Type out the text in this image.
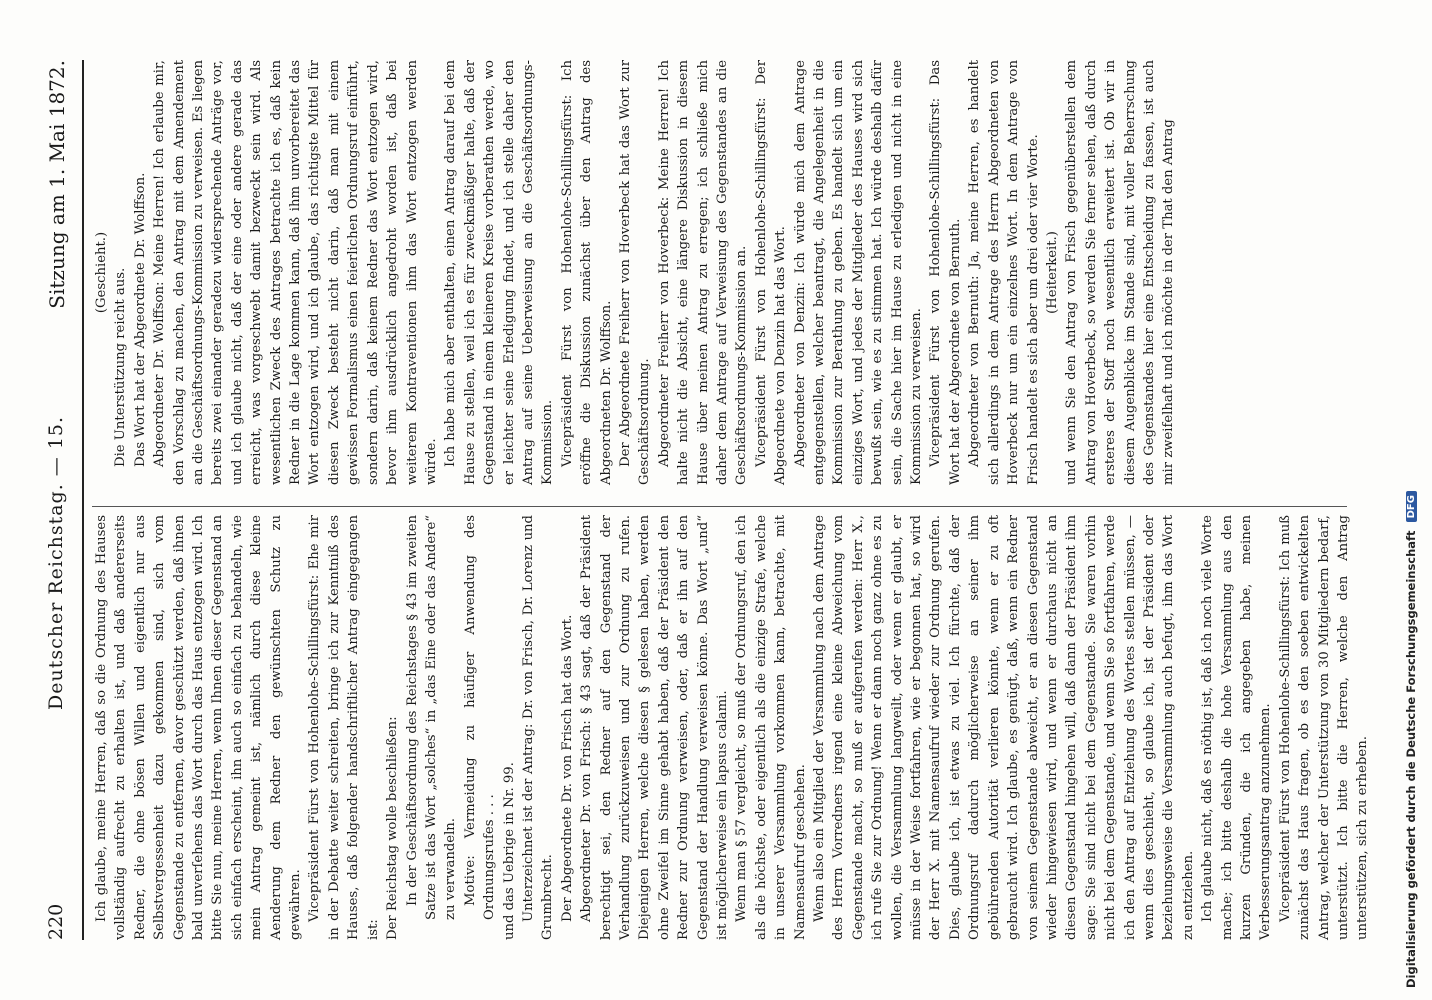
220
Deutscher Reichstag. — 15.
Sitzung am 1. Mai 1872.

Ich glaube, meine Herren, daß so die Ordnung des Hauses vollständig aufrecht zu erhalten ist, und daß andererseits Redner, die ohne bösen Willen und eigentlich nur aus Selbstvergessenheit dazu gekommen sind, sich vom Gegenstande zu entfernen, davor geschützt werden, daß ihnen bald unverſehens das Wort durch das Haus entzogen wird. Ich bitte Sie nun, meine Herren, wenn Ihnen dieser Gegenstand an sich einfach erscheint, ihn auch so einfach zu behandeln, wie mein Antrag gemeint ist, nämlich durch diese kleine Aenderung dem Redner den gewünschten Schutz zu gewähren. Vicepräsident Fürst von Hohenlohe-Schillingsfürst: Ehe mir in der Debatte weiter schreiten, bringe ich zur Kenntniß des Hauses, daß folgender handschriftlicher Antrag eingegangen ist: Der Reichstag wolle beschließen: In der Geschäftsordnung des Reichstages § 43 im zweiten Satze ist das Wort „solches“ in „das Eine oder das Andere“ zu verwandeln. Motive: Vermeidung zu häufiger Anwendung des Ordnungsrufes . . . und das Uebrige in Nr. 99. Unterzeichnet ist der Antrag: Dr. von Frisch, Dr. Lorenz und Grumbrecht. Der Abgeordnete Dr. von Frisch hat das Wort. Abgeordneter Dr. von Frisch: § 43 sagt, daß der Präsident berechtigt sei, den Redner auf den Gegenstand der Verhandlung zurückzuweisen und zur Ordnung zu rufen. Diejenigen Herren, welche diesen § gelesen haben, werden ohne Zweifel im Sinne gehabt haben, daß der Präsident den Redner zur Ordnung verweisen, oder, daß er ihn auf den Gegenstand der Handlung verweisen könne. Das Wort „und“ ist möglicherweise ein lapsus calami. Wenn man § 57 vergleicht, so muß der Ordnungsruf, den ich als die höchste, oder eigentlich als die einzige Strafe, welche in unserer Versammlung vorkommen kann, betrachte, mit Namensaufruf geschehen. Wenn also ein Mitglied der Versammlung nach dem Antrage des Herrn Vorredners irgend eine kleine Abweichung vom Gegenstande macht, so muß er aufgerufen werden: Herr X., ich rufe Sie zur Ordnung! Wenn er dann noch ganz ohne es zu wollen, die Versammlung langweilt, oder wenn er glaubt, er müsse in der Weise fortfahren, wie er begonnen hat, so wird der Herr X. mit Namensaufruf wieder zur Ordnung gerufen. Dies, glaube ich, ist etwas zu viel. Ich fürchte, daß der Ordnungsruf dadurch möglicherweise an seiner ihm gebührenden Autorität verlieren könnte, wenn er zu oft gebraucht wird. Ich glaube, es genügt, daß, wenn ein Redner von seinem Gegenstande abweicht, er an diesen Gegenstand wieder hingewiesen wird, und wenn er durchaus nicht an diesen Gegenstand hingehen will, daß dann der Präsident ihm sage: Sie sind nicht bei dem Gegenstande. Sie waren vorhin nicht bei dem Gegenstande, und wenn Sie so fortfahren, werde ich den Antrag auf Entziehung des Wortes stellen müssen, — wenn dies geschieht, so glaube ich, ist der Präsident oder beziehungsweise die Versammlung auch befugt, ihm das Wort zu entziehen. Ich glaube nicht, daß es nöthig ist, daß ich noch viele Worte mache; ich bitte deshalb die hohe Versammlung aus den kurzen Gründen, die ich angegeben habe, meinen Verbesserungsantrag anzunehmen. Vicepräsident Fürst von Hohenlohe-Schillingsfürst: Ich muß zunächst das Haus fragen, ob es den soeben entwickelten Antrag, welcher der Unterstützung von 30 Mitgliedern bedarf, unterstützt. Ich bitte die Herren, welche den Antrag unterstützen, sich zu erheben.

(Geschieht.) Die Unterstützung reicht aus. Das Wort hat der Abgeordnete Dr. Wolffson. Abgeordneter Dr. Wolffson: Meine Herren! Ich erlaube mir, den Vorschlag zu machen, den Antrag mit dem Amendement an die Geschäftsordnungs-Kommission zu verweisen. Es liegen bereits zwei einander geradezu widersprechende Anträge vor, und ich glaube nicht, daß der eine oder andere gerade das erreicht, was vorgeschwebt damit bezweckt sein wird. Als wesentlichen Zweck des Antrages betrachte ich es, daß kein Redner in die Lage kommen kann, daß ihm unvorbereitet das Wort entzogen wird, und ich glaube, das richtigste Mittel für diesen Zweck besteht nicht darin, daß man mit einem gewissen Formalismus einen feierlichen Ordnungsruf einführt, sondern darin, daß keinem Redner das Wort entzogen wird, bevor ihm ausdrücklich angedroht worden ist, daß bei weiterem Kontraventionen ihm das Wort entzogen werden würde. Ich habe mich aber enthalten, einen Antrag darauf bei dem Hause zu stellen, weil ich es für zweckmäßiger halte, daß der Gegenstand in einem kleineren Kreise vorberathen werde, wo er leichter seine Erledigung findet, und ich stelle daher den Antrag auf seine Ueberweisung an die Geschäftsordnungs-Kommission. Vicepräsident Fürst von Hohenlohe-Schillingsfürst: Ich eröffne die Diskussion zunächst über den Antrag des Abgeordneten Dr. Wolffson. Der Abgeordnete Freiherr von Hoverbeck hat das Wort zur Geschäftsordnung. Abgeordneter Freiherr von Hoverbeck: Meine Herren! Ich halte nicht die Absicht, eine längere Diskussion in diesem Hause über meinen Antrag zu erregen; ich schließe mich daher dem Antrage auf Verweisung des Gegenstandes an die Geschäftsordnungs-Kommission an. Vicepräsident Fürst von Hohenlohe-Schillingsfürst: Der Abgeordnete von Denzin hat das Wort. Abgeordneter von Denzin: Ich würde mich dem Antrage entgegenstellen, welcher beantragt, die Angelegenheit in die Kommission zur Berathung zu geben. Es handelt sich um ein einziges Wort, und jedes der Mitglieder des Hauses wird sich bewußt sein, wie es zu stimmen hat. Ich würde deshalb dafür sein, die Sache hier im Hause zu erledigen und nicht in eine Kommission zu verweisen. Vicepräsident Fürst von Hohenlohe-Schillingsfürst: Das Wort hat der Abgeordnete von Bernuth. Abgeordneter von Bernuth: Ja, meine Herren, es handelt sich allerdings in dem Antrage des Herrn Abgeordneten von Hoverbeck nur um ein einzelnes Wort. In dem Antrage von Frisch handelt es sich aber um drei oder vier Worte. (Heiterkeit.) und wenn Sie den Antrag von Frisch gegenüberstellen dem Antrag von Hoverbeck, so werden Sie ferner sehen, daß durch ersteres der Stoff noch wesentlich erweitert ist. Ob wir in diesem Augenblicke im Stande sind, mit voller Beherrschung des Gegenstandes hier eine Entscheidung zu fassen, ist auch mir zweifelhaft und ich möchte in der That den Antrag

Digitalisierung gefördert durch die Deutsche Forschungsgemeinschaft DFG
